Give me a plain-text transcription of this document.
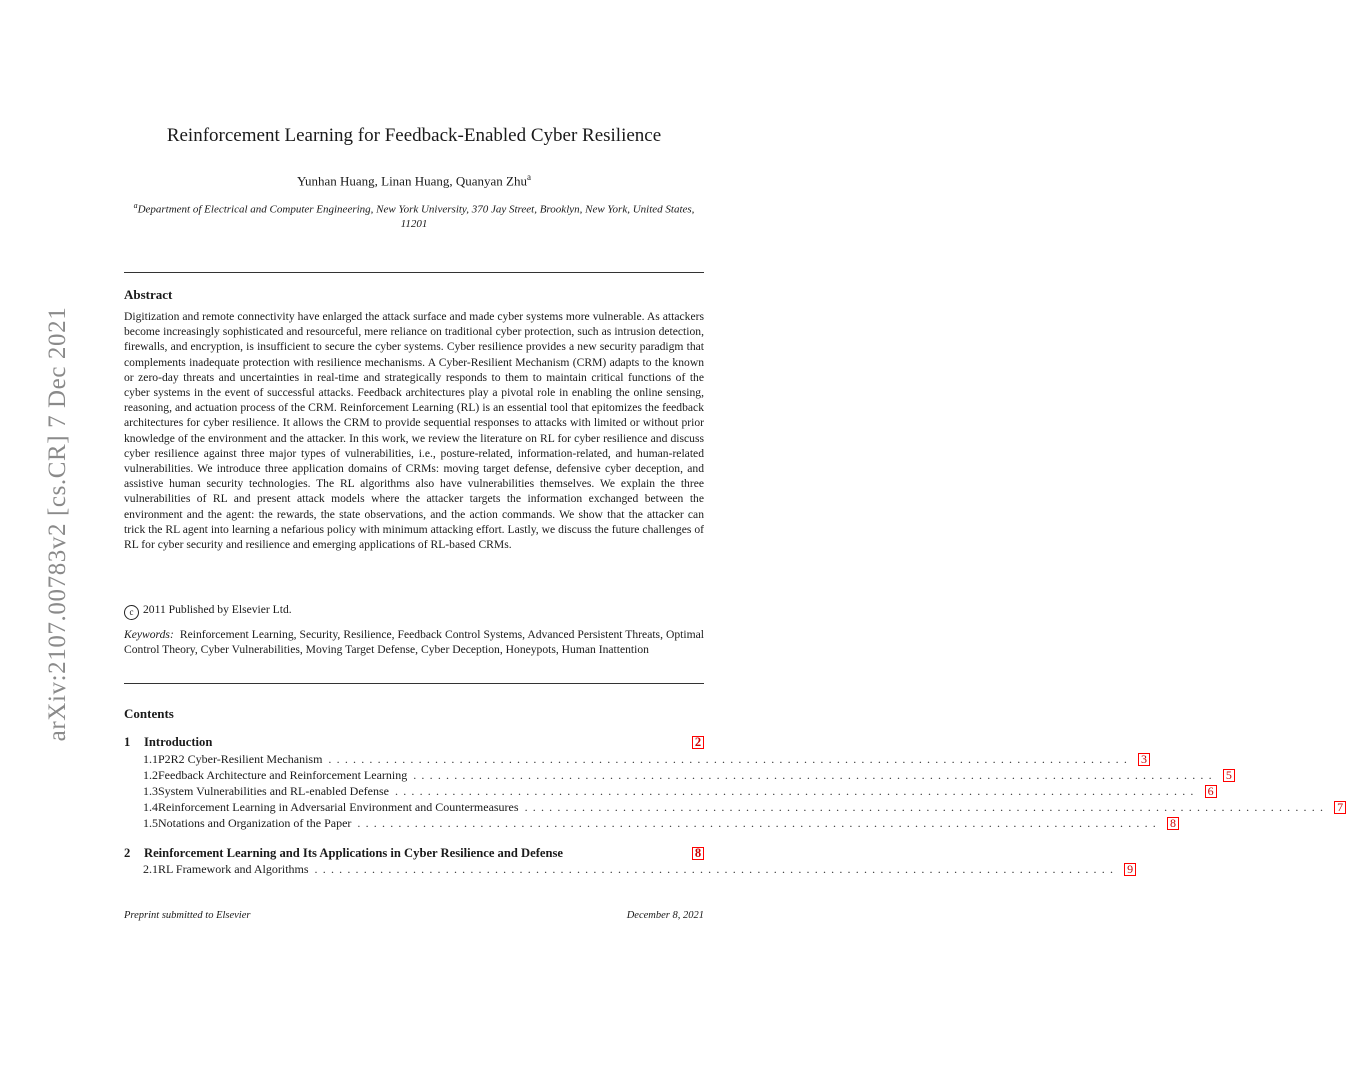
arXiv:2107.00783v2 [cs.CR] 7 Dec 2021
Reinforcement Learning for Feedback-Enabled Cyber Resilience
Yunhan Huang, Linan Huang, Quanyan Zhu$^a$
$^a$Department of Electrical and Computer Engineering, New York University, 370 Jay Street, Brooklyn, New York, United States, 11201
Abstract
Digitization and remote connectivity have enlarged the attack surface and made cyber systems more vulnerable. As attackers become increasingly sophisticated and resourceful, mere reliance on traditional cyber protection, such as intrusion detection, firewalls, and encryption, is insufficient to secure the cyber systems. Cyber resilience provides a new security paradigm that complements inadequate protection with resilience mechanisms. A Cyber-Resilient Mechanism (CRM) adapts to the known or zero-day threats and uncertainties in real-time and strategically responds to them to maintain critical functions of the cyber systems in the event of successful attacks. Feedback architectures play a pivotal role in enabling the online sensing, reasoning, and actuation process of the CRM. Reinforcement Learning (RL) is an essential tool that epitomizes the feedback architectures for cyber resilience. It allows the CRM to provide sequential responses to attacks with limited or without prior knowledge of the environment and the attacker. In this work, we review the literature on RL for cyber resilience and discuss cyber resilience against three major types of vulnerabilities, i.e., posture-related, information-related, and human-related vulnerabilities. We introduce three application domains of CRMs: moving target defense, defensive cyber deception, and assistive human security technologies. The RL algorithms also have vulnerabilities themselves. We explain the three vulnerabilities of RL and present attack models where the attacker targets the information exchanged between the environment and the agent: the rewards, the state observations, and the action commands. We show that the attacker can trick the RL agent into learning a nefarious policy with minimum attacking effort. Lastly, we discuss the future challenges of RL for cyber security and resilience and emerging applications of RL-based CRMs.
c 2011 Published by Elsevier Ltd.
Keywords: Reinforcement Learning, Security, Resilience, Feedback Control Systems, Advanced Persistent Threats, Optimal Control Theory, Cyber Vulnerabilities, Moving Target Defense, Cyber Deception, Honeypots, Human Inattention
Contents
1	Introduction	2
1.1 P2R2 Cyber-Resilient Mechanism .................................................................................................. 3
1.2 Feedback Architecture and Reinforcement Learning .................................................................................................. 5
1.3 System Vulnerabilities and RL-enabled Defense .................................................................................................. 6
1.4 Reinforcement Learning in Adversarial Environment and Countermeasures .................................................................................................. 7
1.5 Notations and Organization of the Paper .................................................................................................. 8
2	Reinforcement Learning and Its Applications in Cyber Resilience and Defense	8
2.1 RL Framework and Algorithms .................................................................................................. 9
Preprint submitted to Elsevier	December 8, 2021
